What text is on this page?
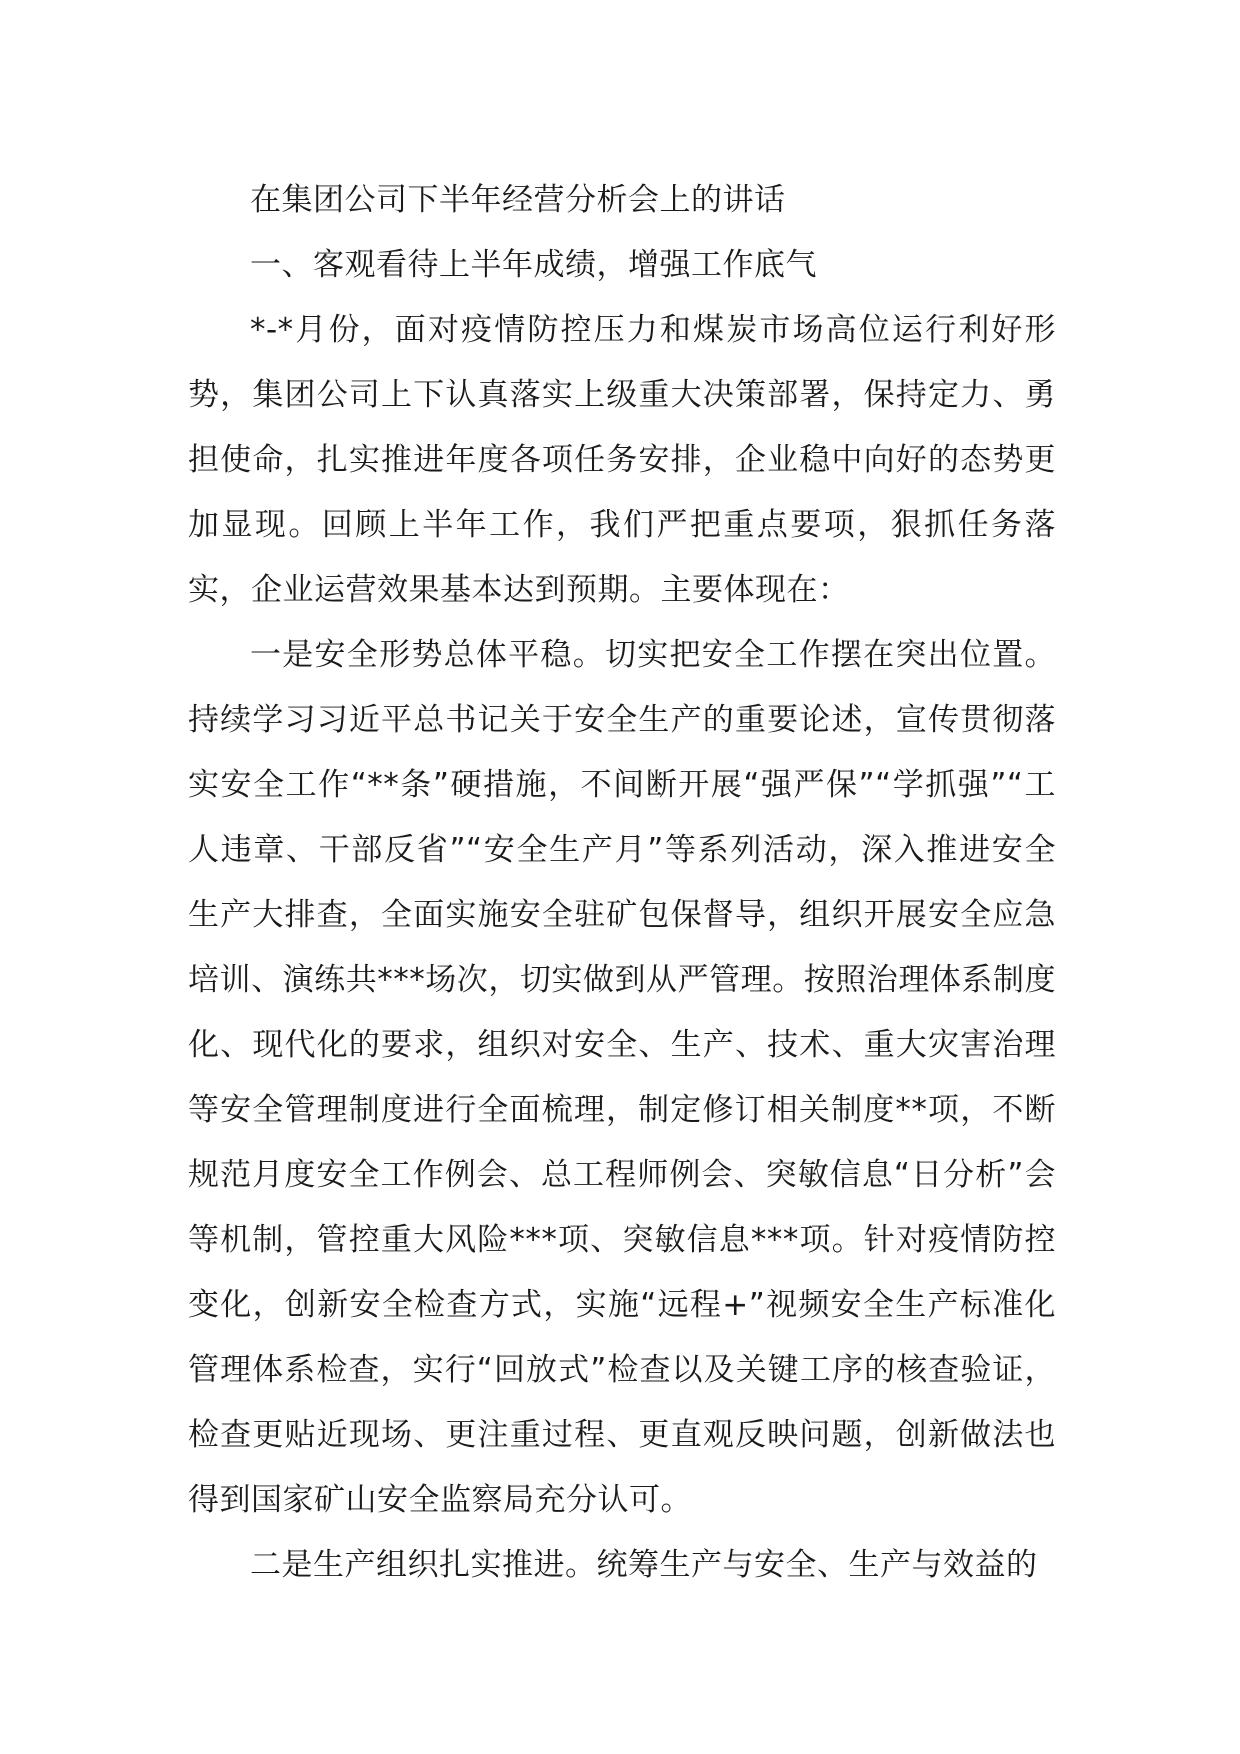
在集团公司下半年经营分析会上的讲话

一、客观看待上半年成绩，增强工作底气

*-*月份，面对疫情防控压力和煤炭市场高位运行利好形势，集团公司上下认真落实上级重大决策部署，保持定力、勇担使命，扎实推进年度各项任务安排，企业稳中向好的态势更加显现。回顾上半年工作，我们严把重点要项，狠抓任务落实，企业运营效果基本达到预期。主要体现在：

一是安全形势总体平稳。切实把安全工作摆在突出位置。持续学习习近平总书记关于安全生产的重要论述，宣传贯彻落实安全工作“**条”硬措施，不间断开展“强严保”“学抓强”“工人违章、干部反省”“安全生产月”等系列活动，深入推进安全生产大排查，全面实施安全驻矿包保督导，组织开展安全应急培训、演练共***场次，切实做到从严管理。按照治理体系制度化、现代化的要求，组织对安全、生产、技术、重大灾害治理等安全管理制度进行全面梳理，制定修订相关制度**项，不断规范月度安全工作例会、总工程师例会、突敏信息“日分析”会等机制，管控重大风险***项、突敏信息***项。针对疫情防控变化，创新安全检查方式，实施“远程+”视频安全生产标准化管理体系检查，实行“回放式”检查以及关键工序的核查验证，检查更贴近现场、更注重过程、更直观反映问题，创新做法也得到国家矿山安全监察局充分认可。

二是生产组织扎实推进。统筹生产与安全、生产与效益的
